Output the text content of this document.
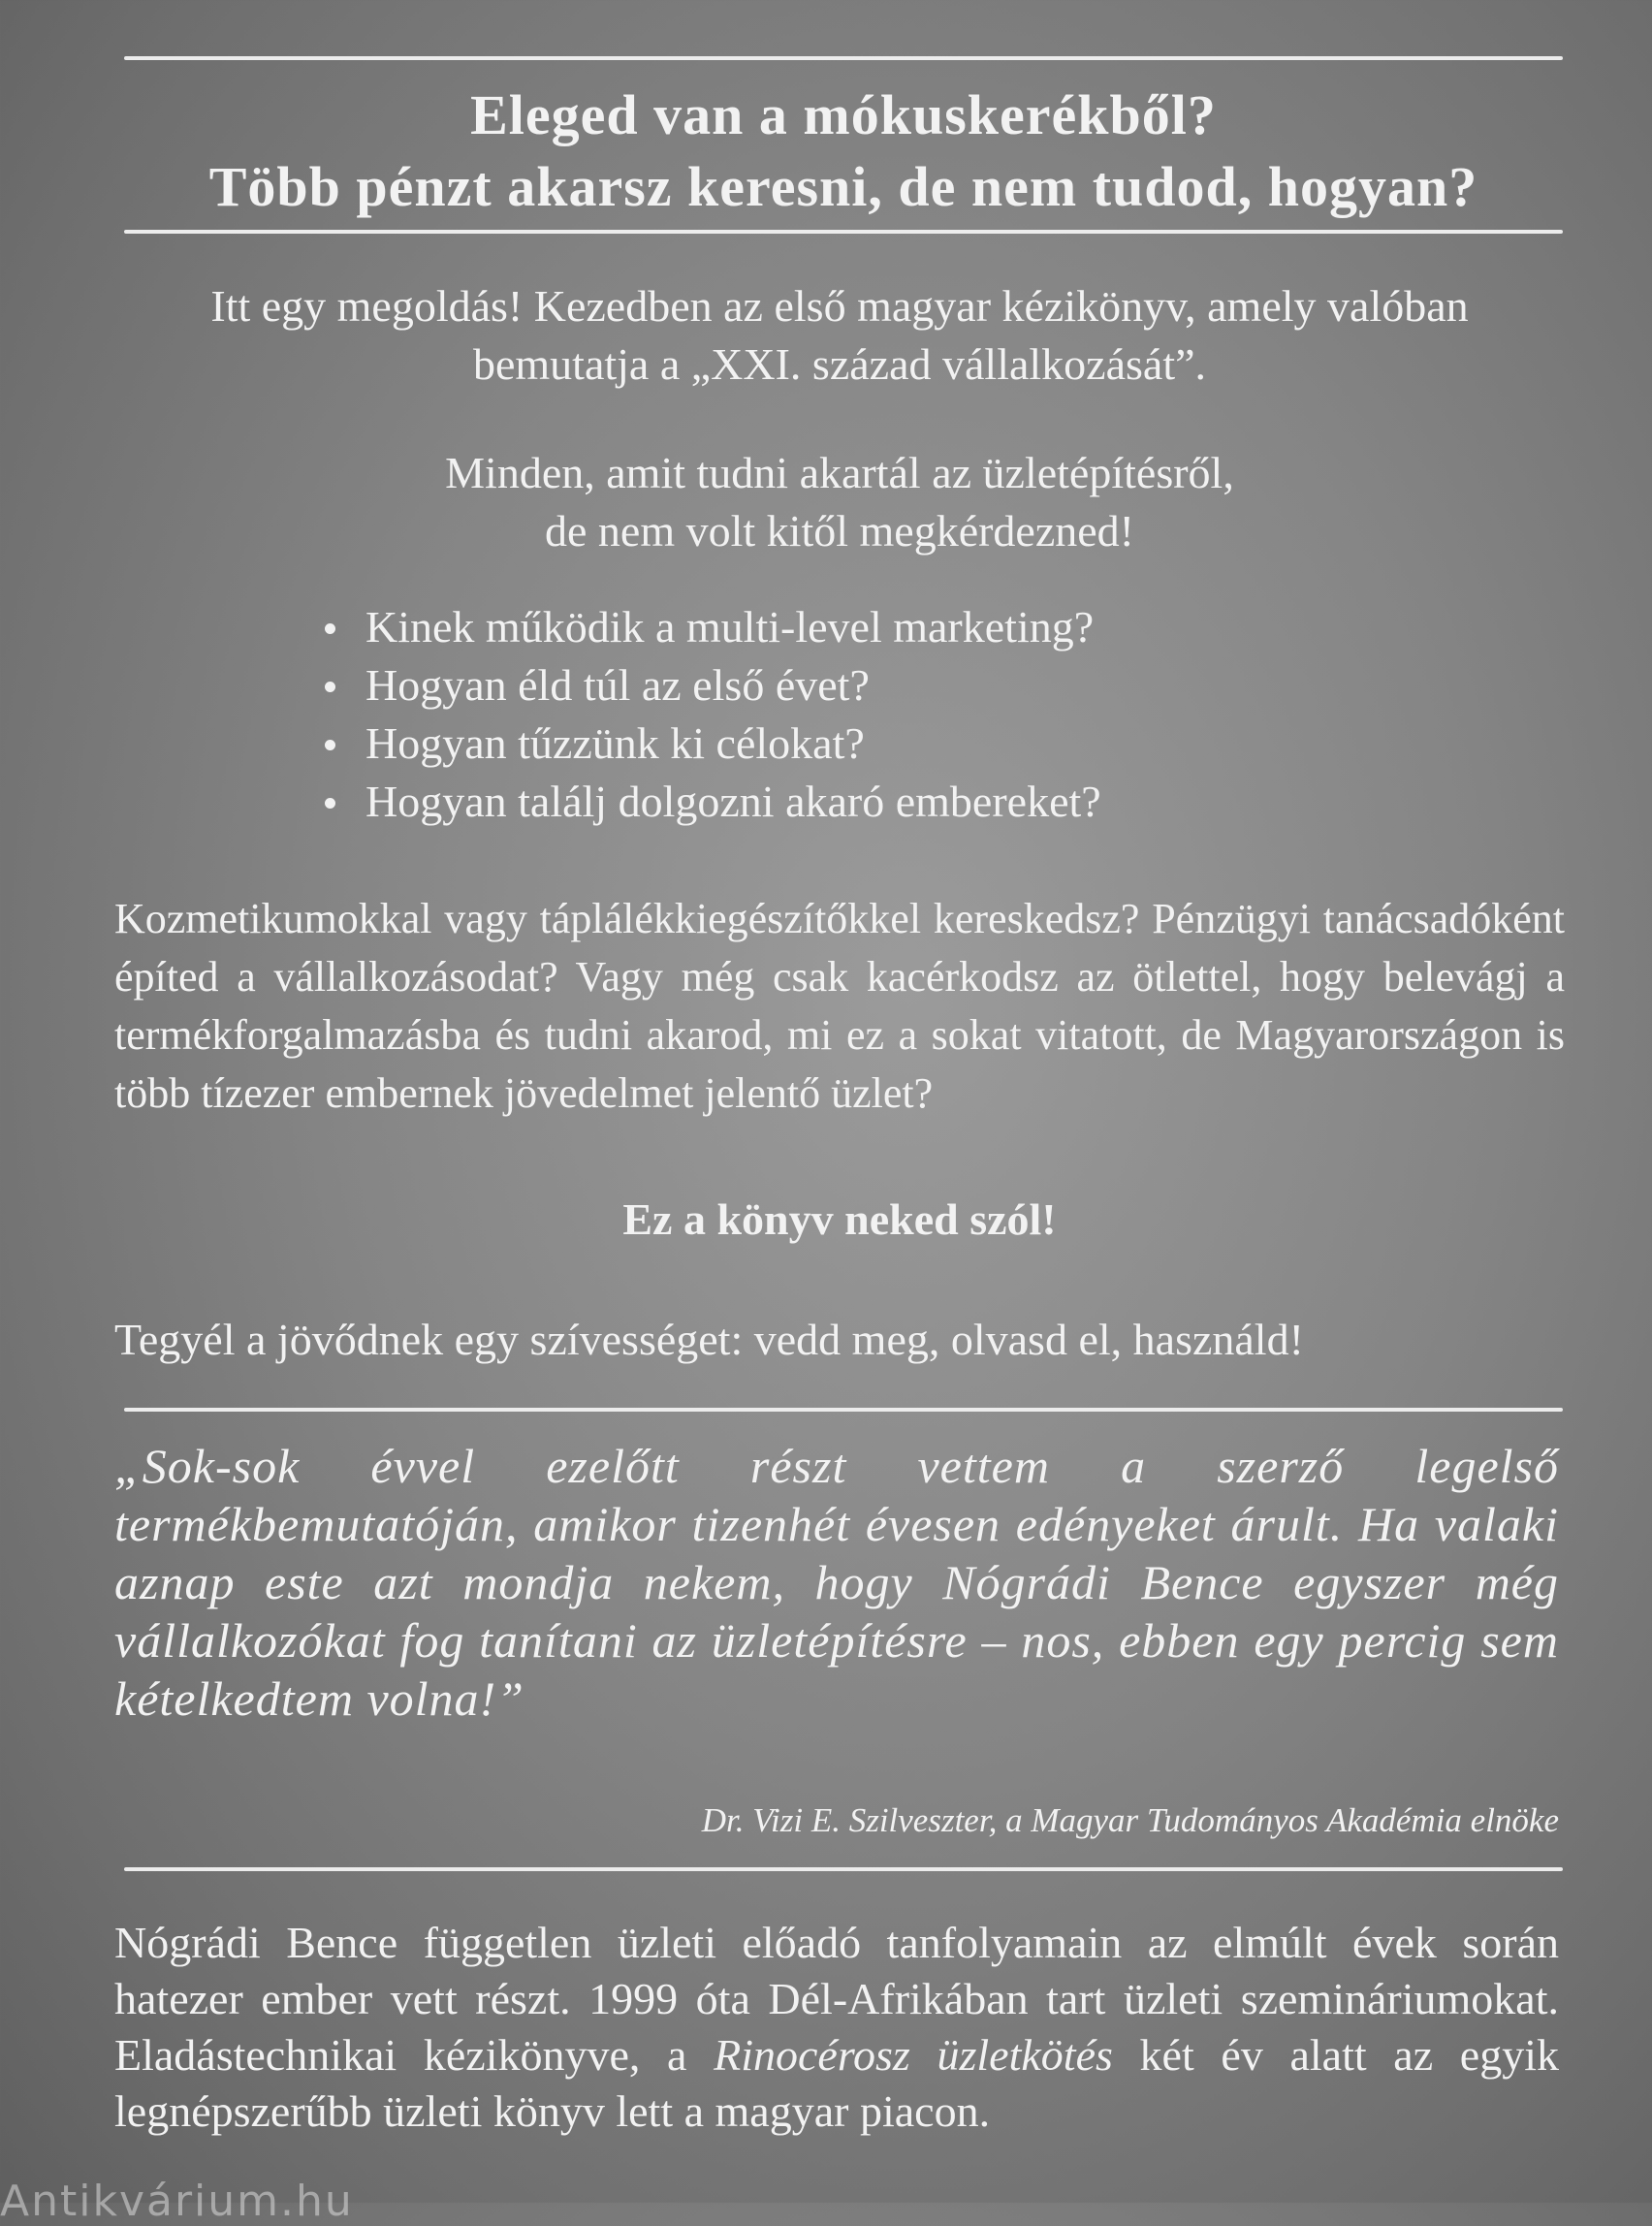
Eleged van a mókuskerékből?
Több pénzt akarsz keresni, de nem tudod, hogyan?
Itt egy megoldás! Kezedben az első magyar kézikönyv, amely valóban
bemutatja a „XXI. század vállalkozását”.
Minden, amit tudni akartál az üzletépítésről,
de nem volt kitől megkérdezned!
Kinek működik a multi-level marketing?
Hogyan éld túl az első évet?
Hogyan tűzzünk ki célokat?
Hogyan találj dolgozni akaró embereket?
Kozmetikumokkal vagy táplálékkiegészítőkkel kereskedsz? Pénzügyi tanácsadóként építed a vállalkozásodat? Vagy még csak kacérkodsz az ötlettel, hogy belevágj a termékforgalmazásba és tudni akarod, mi ez a sokat vitatott, de Magyarországon is több tízezer embernek jövedelmet jelentő üzlet?
Ez a könyv neked szól!
Tegyél a jövődnek egy szívességet: vedd meg, olvasd el, használd!
„Sok-sok évvel ezelőtt részt vettem a szerző legelső termékbemutatóján, amikor tizenhét évesen edényeket árult. Ha valaki aznap este azt mondja nekem, hogy Nógrádi Bence egyszer még vállalkozókat fog tanítani az üzletépítésre – nos, ebben egy percig sem kételkedtem volna!”
Dr. Vizi E. Szilveszter, a Magyar Tudományos Akadémia elnöke
Nógrádi Bence független üzleti előadó tanfolyamain az elmúlt évek során hatezer ember vett részt. 1999 óta Dél-Afrikában tart üzleti szemináriumokat. Eladástechnikai kézikönyve, a Rinocérosz üzletkötés két év alatt az egyik legnépszerűbb üzleti könyv lett a magyar piacon.
Antikvárium.hu
